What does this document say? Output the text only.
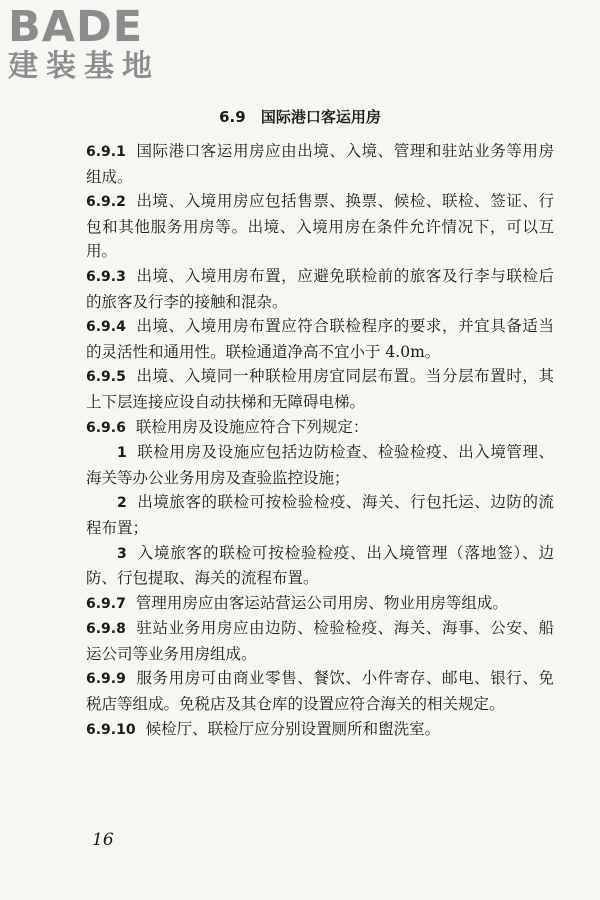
BADE
建装基地
6.9 国际港口客运用房

6.9.1 国际港口客运用房应由出境、入境、管理和驻站业务等用房组成。

6.9.2 出境、入境用房应包括售票、换票、候检、联检、签证、行包和其他服务用房等。出境、入境用房在条件允许情况下，可以互用。

6.9.3 出境、入境用房布置，应避免联检前的旅客及行李与联检后的旅客及行李的接触和混杂。

6.9.4 出境、入境用房布置应符合联检程序的要求，并宜具备适当的灵活性和通用性。联检通道净高不宜小于 4.0m。

6.9.5 出境、入境同一种联检用房宜同层布置。当分层布置时，其上下层连接应设自动扶梯和无障碍电梯。

6.9.6 联检用房及设施应符合下列规定：

1 联检用房及设施应包括边防检查、检验检疫、出入境管理、海关等办公业务用房及查验监控设施；

2 出境旅客的联检可按检验检疫、海关、行包托运、边防的流程布置；

3 入境旅客的联检可按检验检疫、出入境管理（落地签）、边防、行包提取、海关的流程布置。

6.9.7 管理用房应由客运站营运公司用房、物业用房等组成。

6.9.8 驻站业务用房应由边防、检验检疫、海关、海事、公安、船运公司等业务用房组成。

6.9.9 服务用房可由商业零售、餐饮、小件寄存、邮电、银行、免税店等组成。免税店及其仓库的设置应符合海关的相关规定。

6.9.10 候检厅、联检厅应分别设置厕所和盥洗室。

16
